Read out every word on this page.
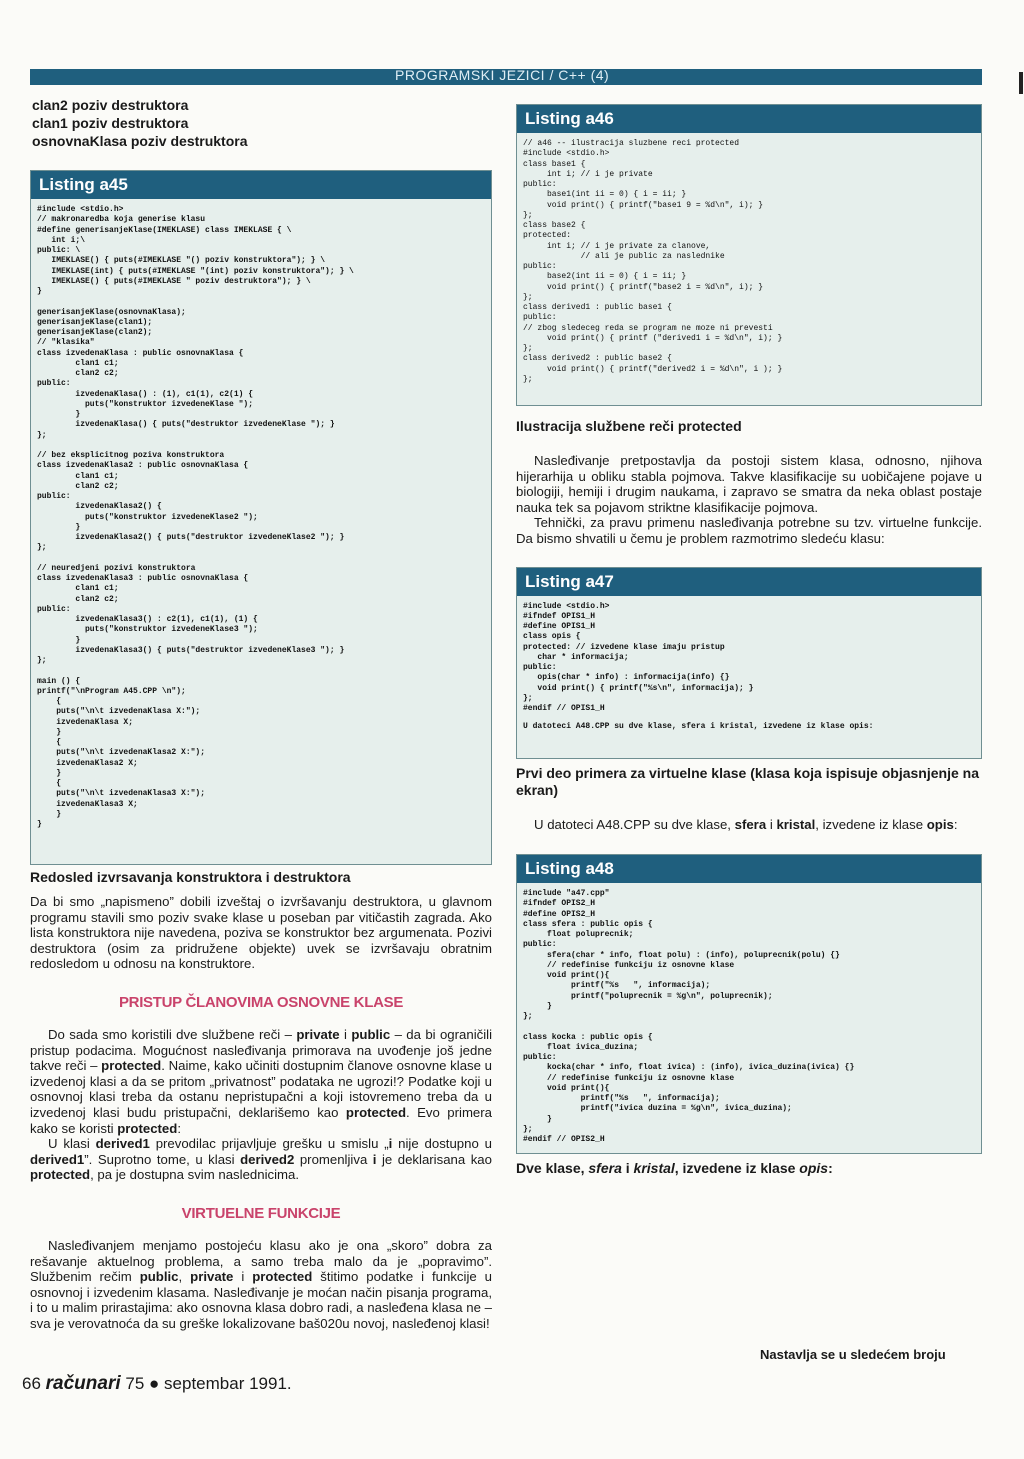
PROGRAMSKI JEZICI / C++ (4)

clan2 poziv destruktora

clan1 poziv destruktora

osnovnaKlasa poziv destruktora

Listing a45
#include <stdio.h>
// makronaredba koja generise klasu
#define generisanjeKlase(IMEKLASE) class IMEKLASE { \
int i;\
public: \
IMEKLASE() { puts(#IMEKLASE "() poziv konstruktora"); } \
IMEKLASE(int) { puts(#IMEKLASE "(int) poziv konstruktora"); } \
IMEKLASE() { puts(#IMEKLASE " poziv destruktora"); } \
}

generisanjeKlase(osnovnaKlasa);
generisanjeKlase(clan1);
generisanjeKlase(clan2);
// "klasika"
class izvedenaKlasa : public osnovnaKlasa {
clan1 c1;
clan2 c2;
public:
izvedenaKlasa() : (1), c1(1), c2(1) {
puts("konstruktor izvedeneKlase ");
}
izvedenaKlasa() { puts("destruktor izvedeneKlase "); }
};

// bez eksplicitnog poziva konstruktora
class izvedenaKlasa2 : public osnovnaKlasa {
clan1 c1;
clan2 c2;
public:
izvedenaKlasa2() {
puts("konstruktor izvedeneKlase2 ");
}
izvedenaKlasa2() { puts("destruktor izvedeneKlase2 "); }
};

// neuredjeni pozivi konstruktora
class izvedenaKlasa3 : public osnovnaKlasa {
clan1 c1;
clan2 c2;
public:
izvedenaKlasa3() : c2(1), c1(1), (1) {
puts("konstruktor izvedeneKlase3 ");
}
izvedenaKlasa3() { puts("destruktor izvedeneKlase3 "); }
};

main () {
printf("\nProgram A45.CPP \n");
{
puts("\n\t izvedenaKlasa X:");
izvedenaKlasa X;
}
{
puts("\n\t izvedenaKlasa2 X:");
izvedenaKlasa2 X;
}
{
puts("\n\t izvedenaKlasa3 X:");
izvedenaKlasa3 X;
}
}

Redosled izvrsavanja konstruktora i destruktora

Da bi smo „napismeno” dobili izveštaj o izvršavanju destruktora, u glavnom programu stavili smo poziv svake klase u poseban par vitičastih zagrada. Ako lista konstruktora nije navedena, poziva se konstruktor bez argumenata. Pozivi destruktora (osim za pridružene objekte) uvek se izvršavaju obratnim redosledom u odnosu na konstruktore.

PRISTUP ČLANOVIMA OSNOVNE KLASE

Do sada smo koristili dve službene reči – private i public – da bi ograničili pristup podacima. Mogućnost nasleđivanja primorava na uvođenje još jedne takve reči – protected. Naime, kako učiniti dostupnim članove osnovne klase u izvedenoj klasi a da se pritom „privatnost” podataka ne ugrozi!? Podatke koji u osnovnoj klasi treba da ostanu nepristupačni a koji istovremeno treba da u izvedenoj klasi budu pristupačni, deklarišemo kao protected. Evo primera kako se koristi protected:

U klasi derived1 prevodilac prijavljuje grešku u smislu „i nije dostupno u derived1”. Suprotno tome, u klasi derived2 promenljiva i je deklarisana kao protected, pa je dostupna svim naslednicima.

VIRTUELNE FUNKCIJE

Nasleđivanjem menjamo postojeću klasu ako je ona „skoro” dobra za rešavanje aktuelnog problema, a samo treba malo da je „popravimo”. Službenim rečim public, private i protected štitimo podatke i funkcije u osnovnoj i izvedenim klasama. Nasleđivanje je moćan način pisanja programa, i to u malim prirastajima: ako osnovna klasa dobro radi, a nasleđena klasa ne – sva je verovatnoća da su greške lokalizovane baš020u novoj, nasleđenoj klasi!

Listing a46
// a46 -- ilustracija sluzbene reci protected
#include <stdio.h>
class base1 {
int i; // i je private
public:
base1(int ii = 0) { i = ii; }
void print() { printf("base1 9 = %d\n", i); }
};
class base2 {
protected:
int i; // i je private za clanove,
// ali je public za naslednike
public:
base2(int ii = 0) { i = ii; }
void print() { printf("base2 i = %d\n", i); }
};
class derived1 : public base1 {
public:
// zbog sledeceg reda se program ne moze ni prevesti
void print() { printf ("derived1 i = %d\n", i); }
};
class derived2 : public base2 {
void print() { printf("derived2 i = %d\n", i ); }
};

Ilustracija službene reči protected

Nasleđivanje pretpostavlja da postoji sistem klasa, odnosno, njihova hijerarhija u obliku stabla pojmova. Takve klasifikacije su uobičajene poјave u biologiji, hemiji i drugim naukama, i zapravo se smatra da neka oblast postaje nauka tek sa pojavom striktne klasifikacije pojmova.

Tehnički, za pravu primenu nasleđivanja potrebne su tzv. virtuelne funkcije. Da bismo shvatili u čemu je problem razmotrimo sledeću klasu:

Listing a47
#include <stdio.h>
#ifndef OPIS1_H
#define OPIS1_H
class opis {
protected: // izvedene klase imaju pristup
char * informacija;
public:
opis(char * info) : informacija(info) {}
void print() { printf("%s\n", informacija); }
};
#endif // OPIS1_H
U datoteci A48.CPP su dve klase, sfera i kristal, izvedene iz klase opis:

Prvi deo primera za virtuelne klase (klasa koja ispisuje objasnjenje na ekran)

U datoteci A48.CPP su dve klase, sfera i kristal, izvedene iz klase opis:

Listing a48
#include "a47.cpp"
#ifndef OPIS2_H
#define OPIS2_H
class sfera : public opis {
float poluprecnik;
public:
sfera(char * info, float polu) : (info), poluprecnik(polu) {}
// redefinise funkciju iz osnovne klase
void print(){
printf("%s   ", informacija);
printf("poluprecnik = %g\n", poluprecnik);
}
};

class kocka : public opis {
float ivica_duzina;
public:
kocka(char * info, float ivica) : (info), ivica_duzina(ivica) {}
// redefinise funkciju iz osnovne klase
void print(){
printf("%s   ", informacija);
printf("ivica duzina = %g\n", ivica_duzina);
}
};
#endif // OPIS2_H

Dve klase, sfera i kristal, izvedene iz klase opis:

Nastavlja se u sledećem broju
66 računari 75 ● septembar 1991.
